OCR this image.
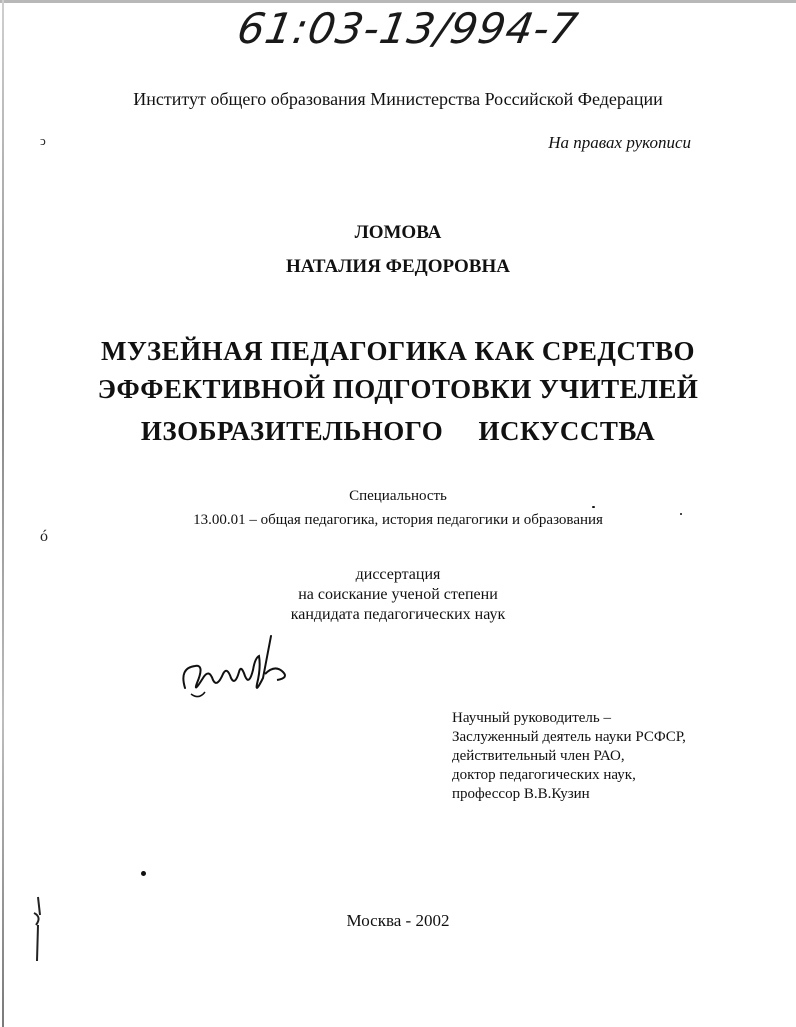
61:03-13/994-7
Институт общего образования Министерства Российской Федерации
На правах рукописи
ↄ
ó
ЛОМОВА
НАТАЛИЯ ФЕДОРОВНА
МУЗЕЙНАЯ ПЕДАГОГИКА КАК СРЕДСТВО
ЭФФЕКТИВНОЙ ПОДГОТОВКИ УЧИТЕЛЕЙ
ИЗОБРАЗИТЕЛЬНОГО ИСКУССТВА
Специальность
13.00.01 – общая педагогика, история педагогики и образования
диссертация
на соискание ученой степени
кандидата педагогических наук
Научный руководитель –
Заслуженный деятель науки РСФСР,
действительный член РАО,
доктор педагогических наук,
профессор В.В.Кузин
Москва - 2002
